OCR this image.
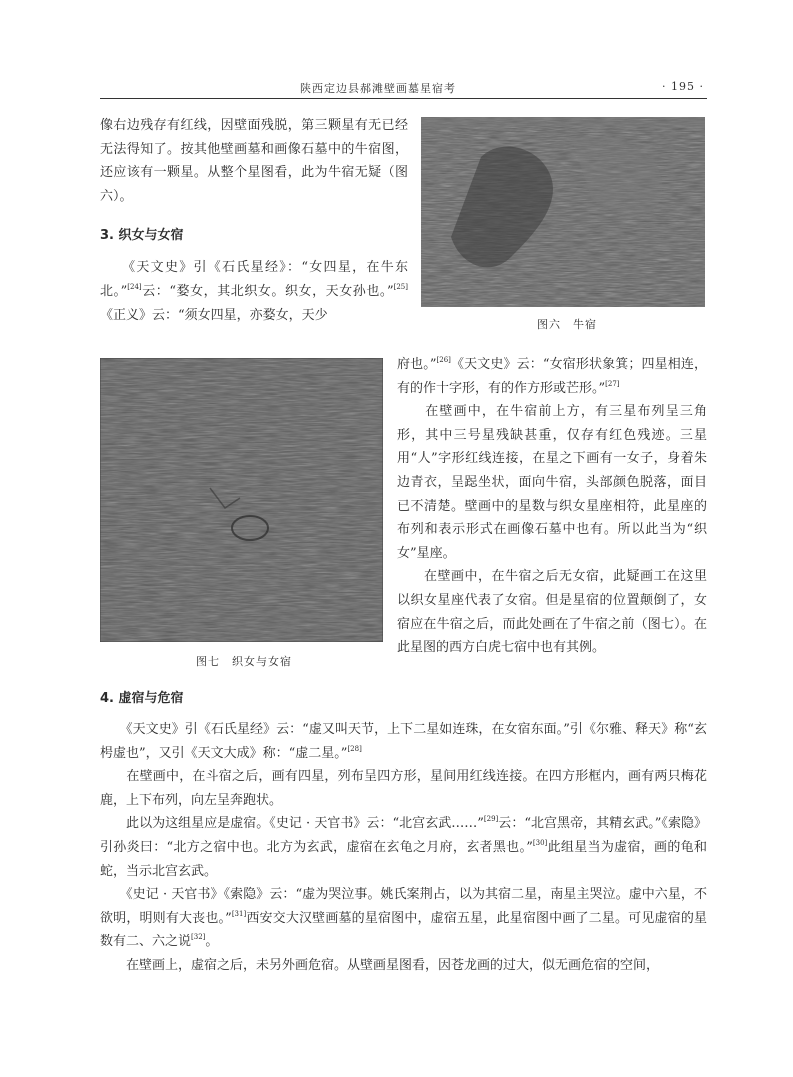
陕西定边县郝滩壁画墓星宿考	· 195 ·
图六　牛宿

像右边残存有红线，因壁面残脱，第三颗星有无已经无法得知了。按其他壁画墓和画像石墓中的牛宿图，还应该有一颗星。从整个星图看，此为牛宿无疑（图六）。

3. 织女与女宿

　　《天文史》引《石氏星经》：“女四星，在牛东北。”[24]云：“婺女，其北织女。织女，天女孙也。”[25]《正义》云：“须女四星，亦婺女，天少

图七　织女与女宿

府也。”[26]《天文史》云：“女宿形状象箕；四星相连，有的作十字形，有的作方形或芒形。”[27]

　　在壁画中，在牛宿前上方，有三星布列呈三角形，其中三号星残缺甚重，仅存有红色残迹。三星用“人”字形红线连接，在星之下画有一女子，身着朱边青衣，呈跽坐状，面向牛宿，头部颜色脱落，面目已不清楚。壁画中的星数与织女星座相符，此星座的布列和表示形式在画像石墓中也有。所以此当为“织女”星座。

　　在壁画中，在牛宿之后无女宿，此疑画工在这里以织女星座代表了女宿。但是星宿的位置颠倒了，女宿应在牛宿之后，而此处画在了牛宿之前（图七）。在此星图的西方白虎七宿中也有其例。

4. 虚宿与危宿

　　《天文史》引《石氏星经》云：“虚又叫天节，上下二星如连珠，在女宿东面。”引《尔雅、释天》称“玄枵虚也”，又引《天文大成》称：“虚二星。”[28]

　　在壁画中，在斗宿之后，画有四星，列布呈四方形，星间用红线连接。在四方形框内，画有两只梅花鹿，上下布列，向左呈奔跑状。

　　此以为这组星应是虚宿。《史记 · 天官书》云：“北宫玄武……”[29]云：“北宫黑帝，其精玄武。”《索隐》引孙炎曰：“北方之宿中也。北方为玄武，虚宿在玄龟之月府，玄者黑也。”[30]此组星当为虚宿，画的龟和蛇，当示北宫玄武。

　　《史记 · 天官书》《索隐》云：“虚为哭泣事。姚氏案荆占，以为其宿二星，南星主哭泣。虚中六星，不欲明，明则有大丧也。”[31]西安交大汉壁画墓的星宿图中，虚宿五星，此星宿图中画了二星。可见虚宿的星数有二、六之说[32]。

　　在壁画上，虚宿之后，未另外画危宿。从壁画星图看，因苍龙画的过大，似无画危宿的空间，
